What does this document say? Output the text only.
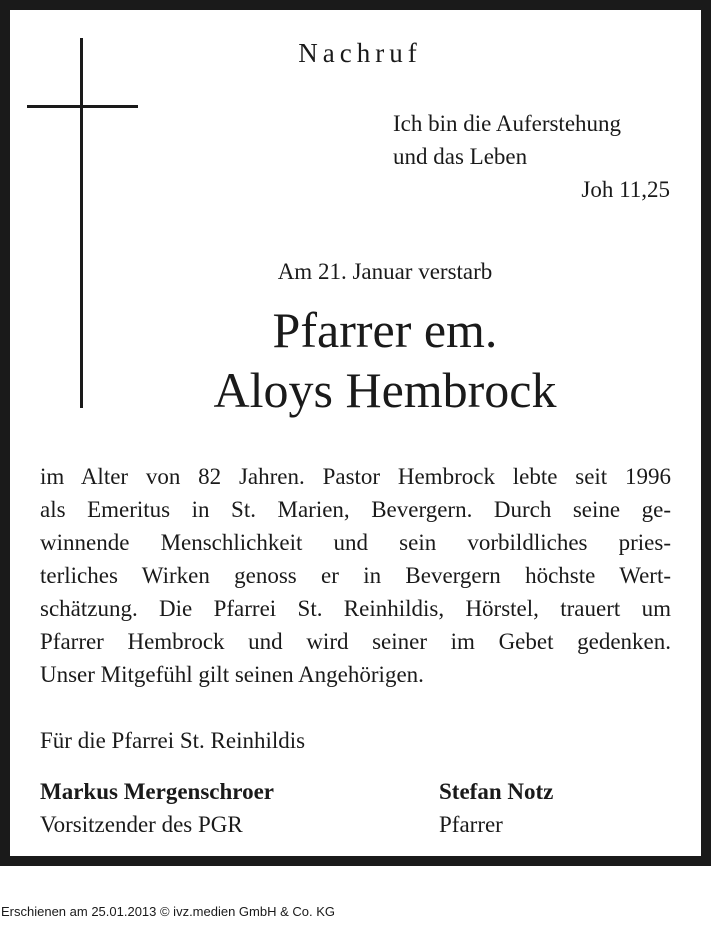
Nachruf
Ich bin die Auferstehung
und das Leben
Joh 11,25
Am 21. Januar verstarb
Pfarrer em.
Aloys Hembrock
im Alter von 82 Jahren. Pastor Hembrock lebte seit 1996
als Emeritus in St. Marien, Bevergern. Durch seine ge-
winnende Menschlichkeit und sein vorbildliches pries-
terliches Wirken genoss er in Bevergern höchste Wert-
schätzung. Die Pfarrei St. Reinhildis, Hörstel, trauert um
Pfarrer Hembrock und wird seiner im Gebet gedenken.
Unser Mitgefühl gilt seinen Angehörigen.
Für die Pfarrei St. Reinhildis
Markus Mergenschroer
Vorsitzender des PGR
Stefan Notz
Pfarrer
Erschienen am 25.01.2013 © ivz.medien GmbH & Co. KG
